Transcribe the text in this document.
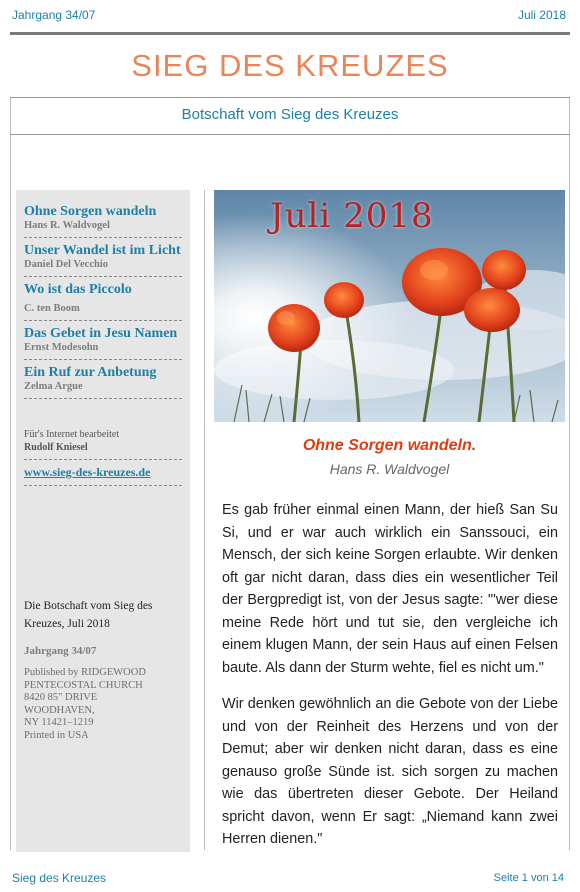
Jahrgang 34/07	Juli 2018
SIEG DES KREUZES
Botschaft vom Sieg des Kreuzes
Ohne Sorgen wandeln
Hans R. Waldvogel
Unser Wandel ist im Licht
Daniel Del Vecchio
Wo ist das Piccolo
C. ten Boom
Das Gebet in Jesu Namen
Ernst Modesohn
Ein Ruf zur Anbetung
Zelma Argue
Für's Internet bearbeitet
Rudolf Kniesel
www.sieg-des-kreuzes.de
Die Botschaft vom Sieg des Kreuzes, Juli 2018
Jahrgang 34/07
Published by RIDGEWOOD
PENTECOSTAL CHURCH
8420 85" DRIVE
WOODHAVEN,
NY 11421–1219
Printed in USA
Juli 2018
Ohne Sorgen wandeln.
Hans R. Waldvogel

Es gab früher einmal einen Mann, der hieß San Su Si, und er war auch wirklich ein Sanssouci, ein Mensch, der sich keine Sorgen erlaubte. Wir denken oft gar nicht daran, dass dies ein wesentlicher Teil der Bergpredigt ist, von der Jesus sagte: "'wer diese meine Rede hört und tut sie, den vergleiche ich einem klugen Mann, der sein Haus auf einen Felsen baute. Als dann der Sturm wehte, fiel es nicht um."

Wir denken gewöhnlich an die Gebote von der Liebe und von der Reinheit des Herzens und von der Demut; aber wir denken nicht daran, dass es eine genauso große Sünde ist. sich sorgen zu machen wie das übertreten dieser Gebote. Der Heiland spricht davon, wenn Er sagt: „Niemand kann zwei Herren dienen."

Sieg des Kreuzes	Seite 1 von 14
